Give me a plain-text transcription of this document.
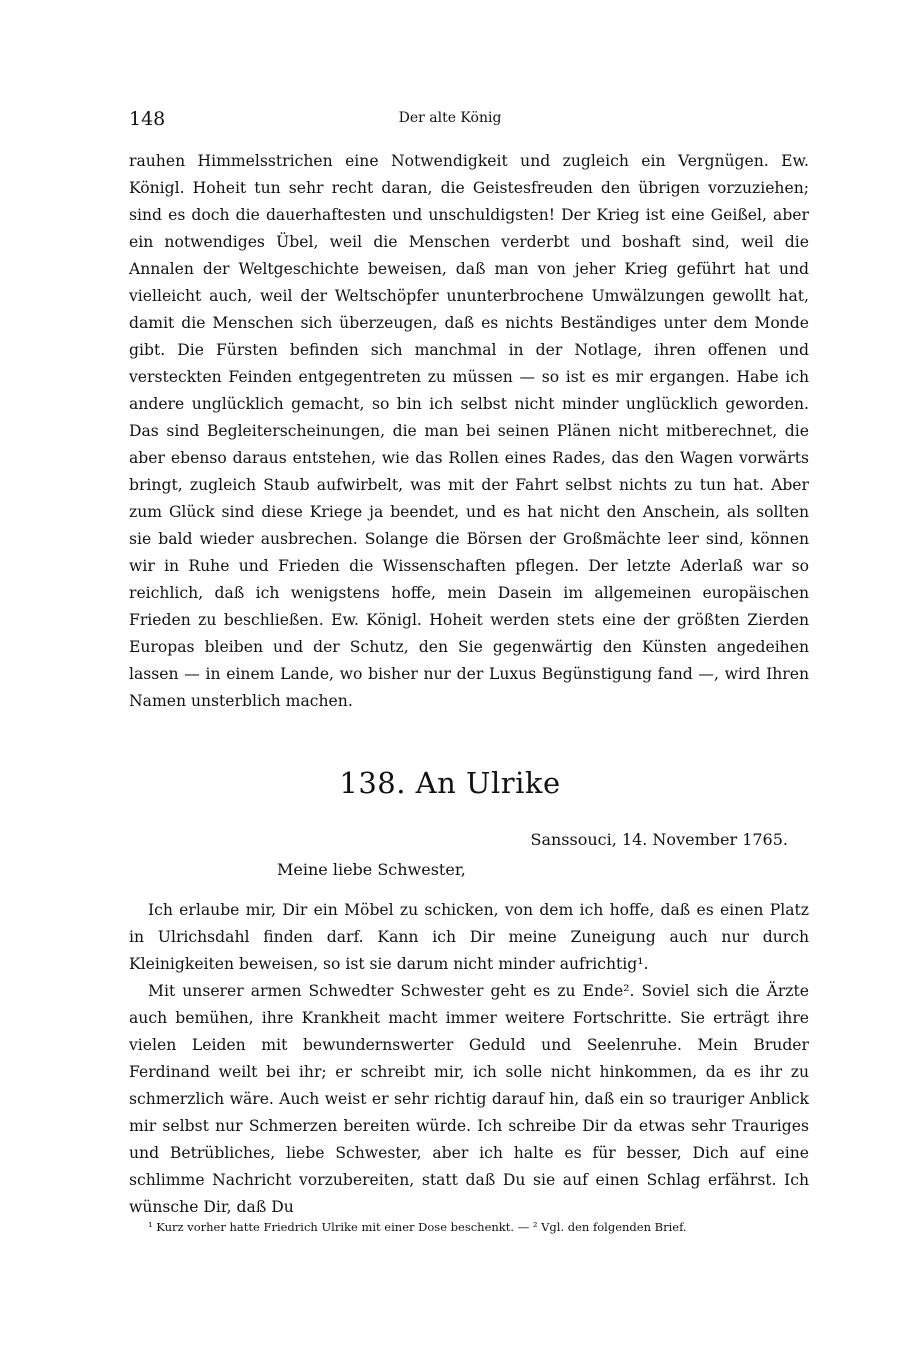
148	Der alte König

rauhen Himmelsstrichen eine Notwendigkeit und zugleich ein Vergnügen. Ew. Königl. Hoheit tun sehr recht daran, die Geistesfreuden den übrigen vorzuziehen; sind es doch die dauerhaftesten und unschuldigsten! Der Krieg ist eine Geißel, aber ein notwendiges Übel, weil die Menschen verderbt und boshaft sind, weil die Annalen der Weltgeschichte beweisen, daß man von jeher Krieg geführt hat und vielleicht auch, weil der Weltschöpfer ununterbrochene Umwälzungen gewollt hat, damit die Menschen sich überzeugen, daß es nichts Beständiges unter dem Monde gibt. Die Fürsten befinden sich manchmal in der Notlage, ihren offenen und versteckten Feinden entgegentreten zu müssen — so ist es mir ergangen. Habe ich andere unglücklich gemacht, so bin ich selbst nicht minder unglücklich geworden. Das sind Begleiterscheinungen, die man bei seinen Plänen nicht mitberechnet, die aber ebenso daraus entstehen, wie das Rollen eines Rades, das den Wagen vorwärts bringt, zugleich Staub aufwirbelt, was mit der Fahrt selbst nichts zu tun hat. Aber zum Glück sind diese Kriege ja beendet, und es hat nicht den Anschein, als sollten sie bald wieder ausbrechen. Solange die Börsen der Großmächte leer sind, können wir in Ruhe und Frieden die Wissenschaften pflegen. Der letzte Aderlaß war so reichlich, daß ich wenigstens hoffe, mein Dasein im allgemeinen europäischen Frieden zu beschließen. Ew. Königl. Hoheit werden stets eine der größten Zierden Europas bleiben und der Schutz, den Sie gegenwärtig den Künsten angedeihen lassen — in einem Lande, wo bisher nur der Luxus Begünstigung fand —, wird Ihren Namen unsterblich machen.

138. An Ulrike
Sanssouci, 14. November 1765.
Meine liebe Schwester,

Ich erlaube mir, Dir ein Möbel zu schicken, von dem ich hoffe, daß es einen Platz in Ulrichsdahl finden darf. Kann ich Dir meine Zuneigung auch nur durch Kleinigkeiten beweisen, so ist sie darum nicht minder aufrichtig¹.

Mit unserer armen Schwedter Schwester geht es zu Ende². Soviel sich die Ärzte auch bemühen, ihre Krankheit macht immer weitere Fortschritte. Sie erträgt ihre vielen Leiden mit bewundernswerter Geduld und Seelenruhe. Mein Bruder Ferdinand weilt bei ihr; er schreibt mir, ich solle nicht hinkommen, da es ihr zu schmerzlich wäre. Auch weist er sehr richtig darauf hin, daß ein so trauriger Anblick mir selbst nur Schmerzen bereiten würde. Ich schreibe Dir da etwas sehr Trauriges und Betrübliches, liebe Schwester, aber ich halte es für besser, Dich auf eine schlimme Nachricht vorzubereiten, statt daß Du sie auf einen Schlag erfährst. Ich wünsche Dir, daß Du

¹ Kurz vorher hatte Friedrich Ulrike mit einer Dose beschenkt. — ² Vgl. den folgenden Brief.
